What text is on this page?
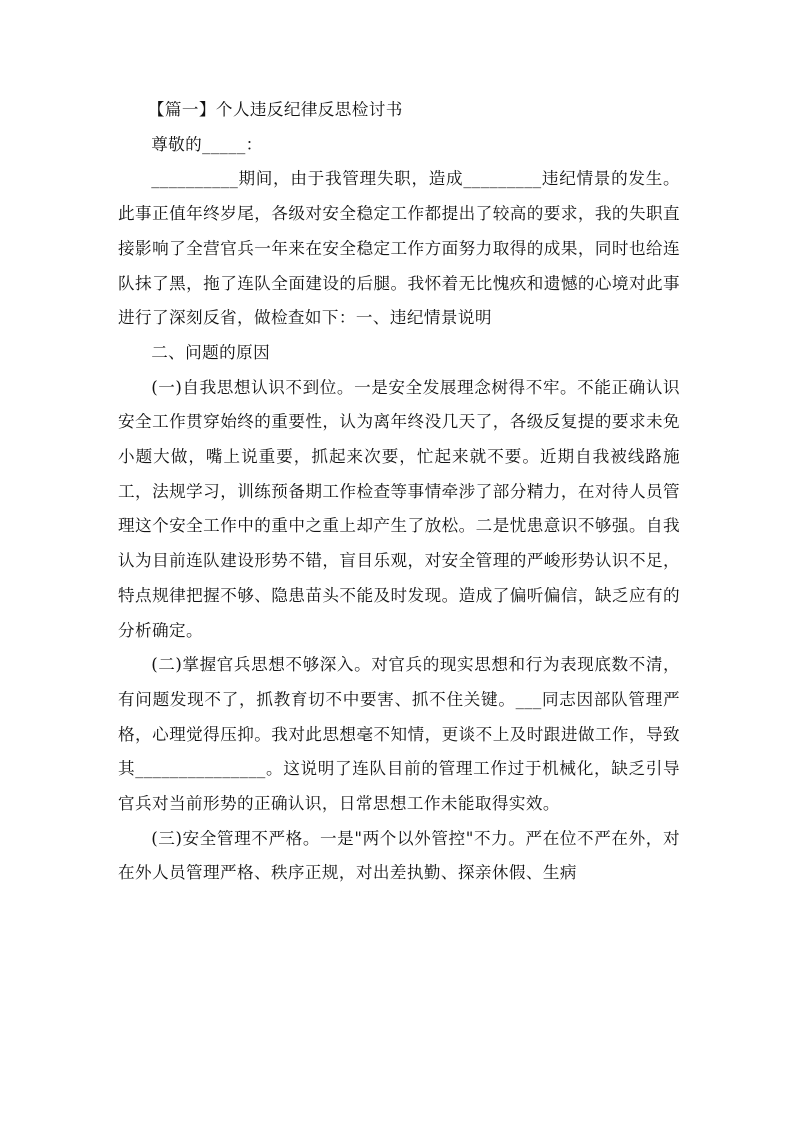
【篇一】个人违反纪律反思检讨书

尊敬的_____：

__________期间，由于我管理失职，造成_________违纪情景的发生。此事正值年终岁尾，各级对安全稳定工作都提出了较高的要求，我的失职直接影响了全营官兵一年来在安全稳定工作方面努力取得的成果，同时也给连队抹了黑，拖了连队全面建设的后腿。我怀着无比愧疚和遗憾的心境对此事进行了深刻反省，做检查如下：一、违纪情景说明

二、问题的原因

(一)自我思想认识不到位。一是安全发展理念树得不牢。不能正确认识安全工作贯穿始终的重要性，认为离年终没几天了，各级反复提的要求未免小题大做，嘴上说重要，抓起来次要，忙起来就不要。近期自我被线路施工，法规学习，训练预备期工作检查等事情牵涉了部分精力，在对待人员管理这个安全工作中的重中之重上却产生了放松。二是忧患意识不够强。自我认为目前连队建设形势不错，盲目乐观，对安全管理的严峻形势认识不足，特点规律把握不够、隐患苗头不能及时发现。造成了偏听偏信，缺乏应有的分析确定。

(二)掌握官兵思想不够深入。对官兵的现实思想和行为表现底数不清，有问题发现不了，抓教育切不中要害、抓不住关键。___同志因部队管理严格，心理觉得压抑。我对此思想毫不知情，更谈不上及时跟进做工作，导致其_______________。这说明了连队目前的管理工作过于机械化，缺乏引导官兵对当前形势的正确认识，日常思想工作未能取得实效。

(三)安全管理不严格。一是"两个以外管控"不力。严在位不严在外，对在外人员管理严格、秩序正规，对出差执勤、探亲休假、生病
